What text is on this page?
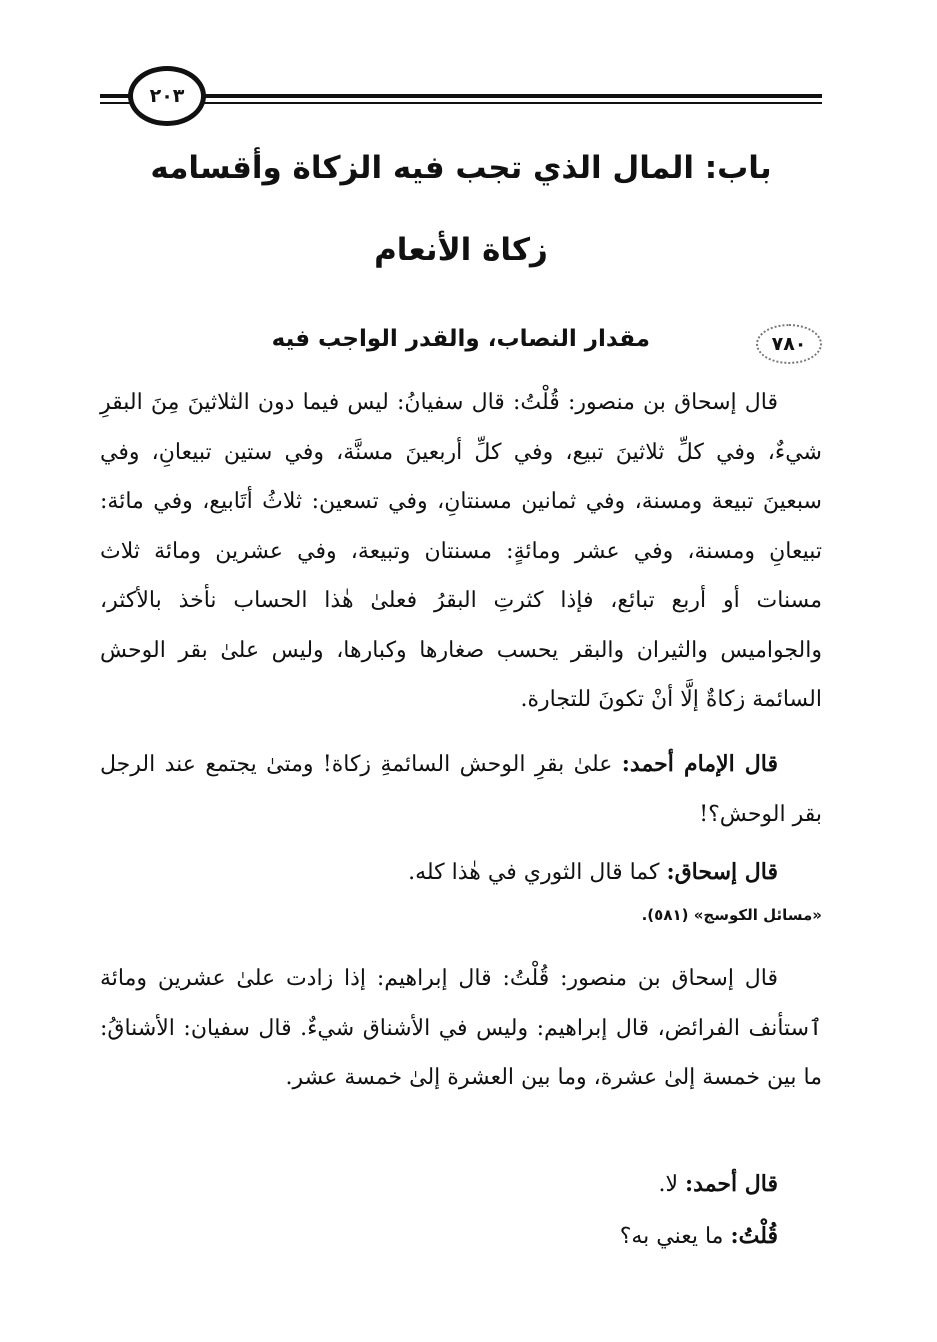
٢٠٣
باب: المال الذي تجب فيه الزكاة وأقسامه
زكاة الأنعام
٧٨٠
مقدار النصاب، والقدر الواجب فيه
قال إسحاق بن منصور: قُلْتُ: قال سفيانُ: ليس فيما دون الثلاثينَ مِنَ البقرِ شيءٌ، وفي كلِّ ثلاثينَ تبيع، وفي كلِّ أربعينَ مسنَّة، وفي ستين تبيعانِ، وفي سبعينَ تبيعة ومسنة، وفي ثمانين مسنتانِ، وفي تسعين: ثلاثُ أتَابيع، وفي مائة: تبيعانِ ومسنة، وفي عشر ومائةٍ: مسنتان وتبيعة، وفي عشرين ومائة ثلاث مسنات أو أربع تبائع، فإذا كثرتِ البقرُ فعلىٰ هٰذا الحساب نأخذ بالأكثر، والجواميس والثيران والبقر يحسب صغارها وكبارها، وليس علىٰ بقر الوحش السائمة زكاةٌ إلَّا أنْ تكونَ للتجارة.
قال الإمام أحمد: علىٰ بقرِ الوحش السائمةِ زكاة! ومتىٰ يجتمع عند الرجل بقر الوحش؟!
قال إسحاق: كما قال الثوري في هٰذا كله.
«مسائل الكوسج» (٥٨١).
قال إسحاق بن منصور: قُلْتُ: قال إبراهيم: إذا زادت علىٰ عشرين ومائة ٱستأنف الفرائض، قال إبراهيم: وليس في الأشناق شيءٌ. قال سفيان: الأشناقُ: ما بين خمسة إلىٰ عشرة، وما بين العشرة إلىٰ خمسة عشر.
قال أحمد: لا.
قُلْتُ: ما يعني به؟
